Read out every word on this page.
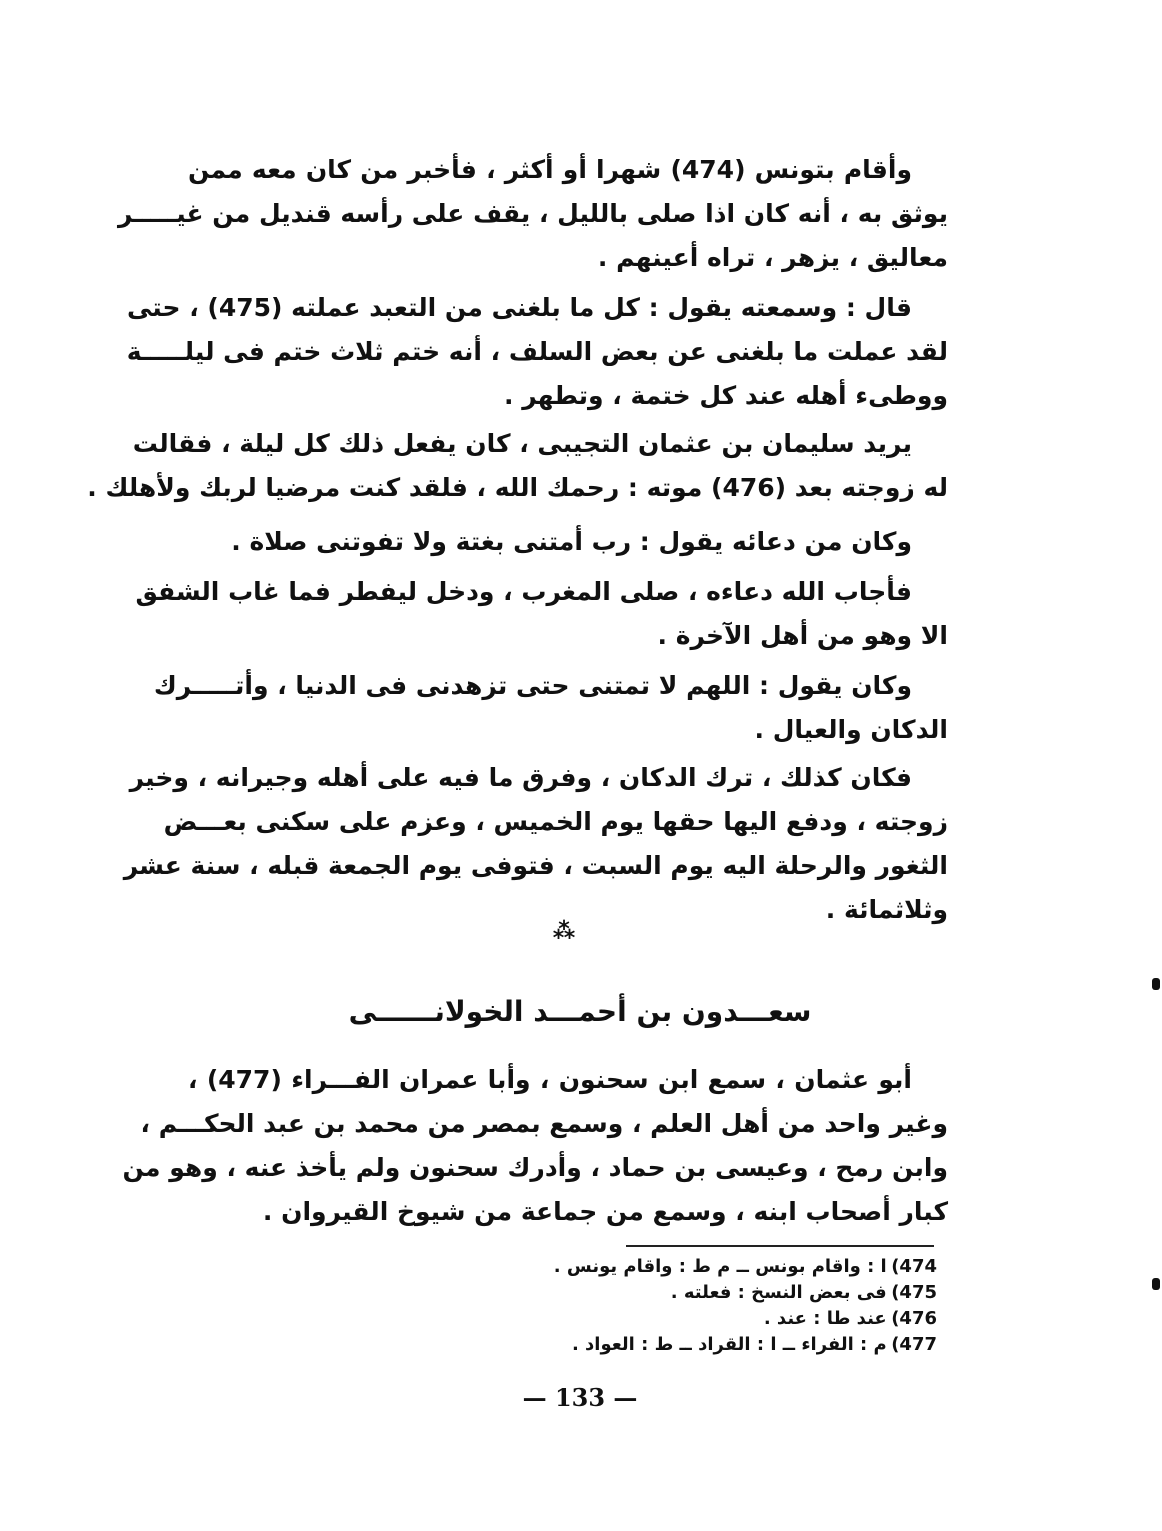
وأقام بتونس (474) شهرا أو أكثر ، فأخبر من كان معه ممن
يوثق به ، أنه كان اذا صلى بالليل ، يقف على رأسه قنديل من غيـــــر
معاليق ، يزهر ، تراه أعينهم .
قال : وسمعته يقول : كل ما بلغنى من التعبد عملته (475) ، حتى
لقد عملت ما بلغنى عن بعض السلف ، أنه ختم ثلاث ختم فى ليلـــــة
ووطىء أهله عند كل ختمة ، وتطهر .
يريد سليمان بن عثمان التجيبى ، كان يفعل ذلك كل ليلة ، فقالت
له زوجته بعد (476) موته : رحمك الله ، فلقد كنت مرضيا لربك ولأهلك .
وكان من دعائه يقول : رب أمتنى بغتة ولا تفوتنى صلاة .
فأجاب الله دعاءه ، صلى المغرب ، ودخل ليفطر فما غاب الشفق
الا وهو من أهل الآخرة .
وكان يقول : اللهم لا تمتنى حتى تزهدنى فى الدنيا ، وأتـــــرك
الدكان والعيال .
فكان كذلك ، ترك الدكان ، وفرق ما فيه على أهله وجيرانه ، وخير
زوجته ، ودفع اليها حقها يوم الخميس ، وعزم على سكنى بعـــض
الثغور والرحلة اليه يوم السبت ، فتوفى يوم الجمعة قبله ، سنة عشر
وثلاثمائة .
⁂
سعـــدون بن أحمـــد الخولانــــــى
أبو عثمان ، سمع ابن سحنون ، وأبا عمران الفـــراء (477) ،
وغير واحد من أهل العلم ، وسمع بمصر من محمد بن عبد الحكـــم ،
وابن رمح ، وعيسى بن حماد ، وأدرك سحنون ولم يأخذ عنه ، وهو من
كبار أصحاب ابنه ، وسمع من جماعة من شيوخ القيروان .
474) ا : واقام بونس ــ م ط : واقام يونس .
475) فى بعض النسخ : فعلته .
476) عند طا : عند .
477) م : الفراء ــ ا : القراد ــ ط : العواد .
— 133 —
